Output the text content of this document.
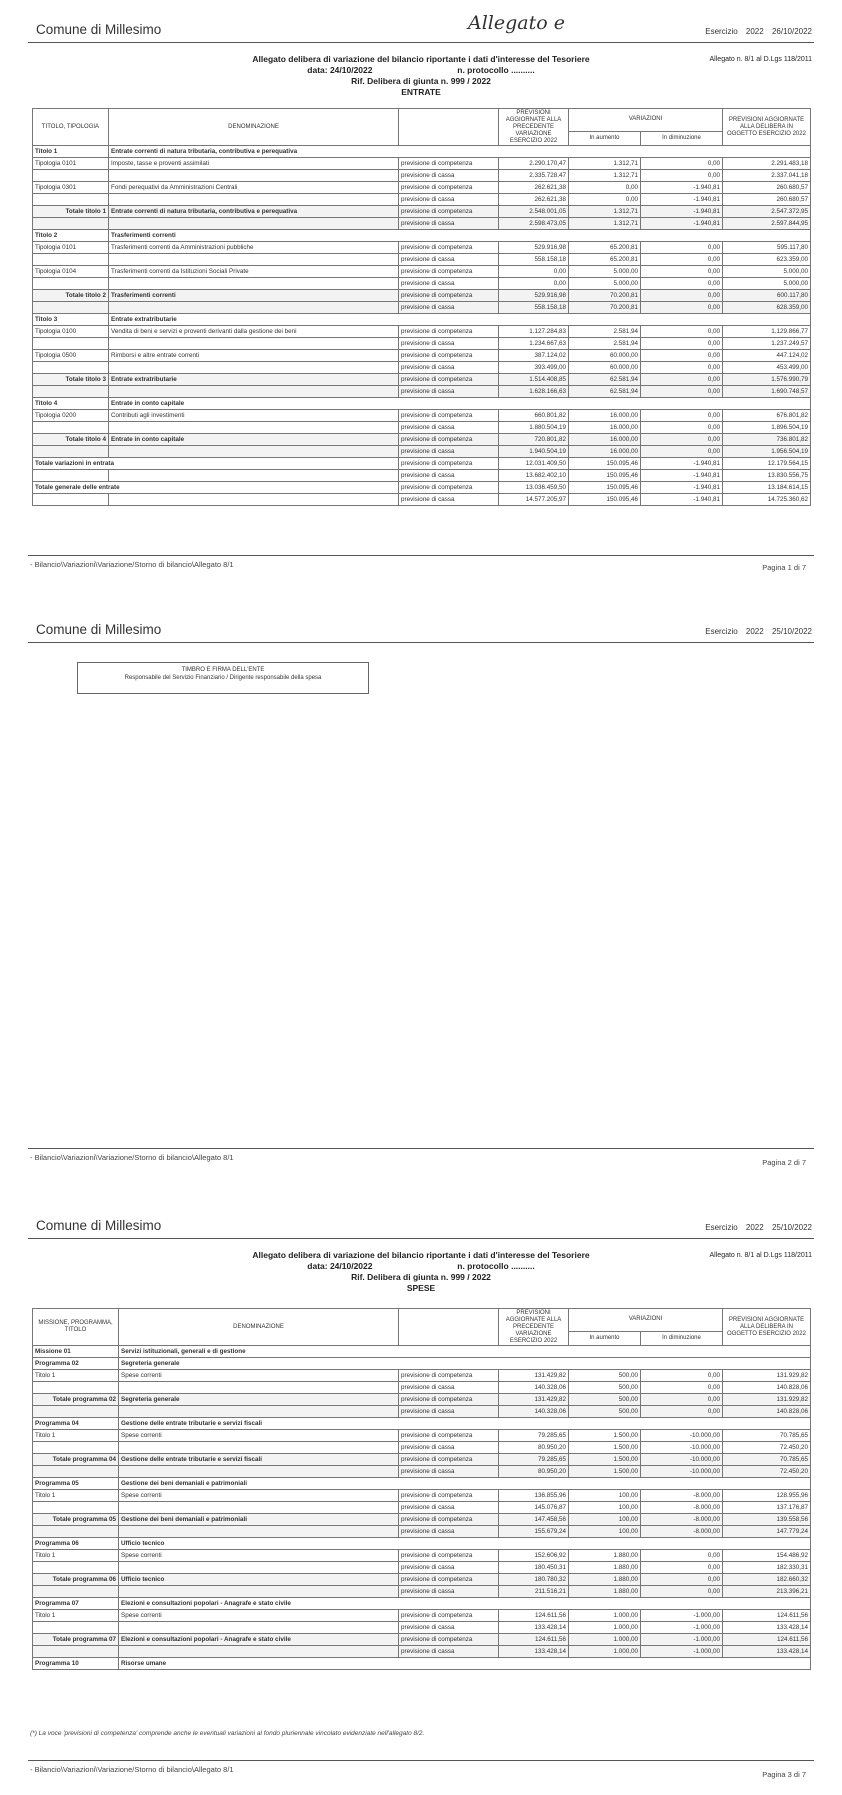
Comune di Millesimo	Allegato e	Esercizio 2022 26/10/2022
Allegato delibera di variazione del bilancio riportante i dati d'interesse del Tesoriere	Allegato n. 8/1 al D.Lgs 118/2011
data: 24/10/2022	n. protocollo ..........
Rif. Delibera di giunta n. 999 / 2022
ENTRATE
TITOLO, TIPOLOGIA	DENOMINAZIONE		PREVISIONI AGGIORNATE ALLA PRECEDENTE VARIAZIONE ESERCIZIO 2022	VARIAZIONI		PREVISIONI AGGIORNATE ALLA DELIBERA IN OGGETTO ESERCIZIO 2022
				In aumento	In diminuzione	
Titolo 1	Entrate correnti di natura tributaria, contributiva e perequativa					
Tipologia 0101	Imposte, tasse e proventi assimilati	previsione di competenza	2.290.170,47	1.312,71	0,00	2.291.483,18
		previsione di cassa	2.335.728,47	1.312,71	0,00	2.337.041,18
Tipologia 0301	Fondi perequativi da Amministrazioni Centrali	previsione di competenza	262.621,38	0,00	-1.940,81	260.680,57
		previsione di cassa	262.621,38	0,00	-1.940,81	260.680,57
Totale titolo 1	Entrate correnti di natura tributaria, contributiva e perequativa	previsione di competenza	2.548.001,05	1.312,71	-1.940,81	2.547.372,95
		previsione di cassa	2.598.473,05	1.312,71	-1.940,81	2.597.844,95
Titolo 2	Trasferimenti correnti					
Tipologia 0101	Trasferimenti correnti da Amministrazioni pubbliche	previsione di competenza	529.916,98	65.200,81	0,00	595.117,80
		previsione di cassa	558.158,18	65.200,81	0,00	623.359,00
Tipologia 0104	Trasferimenti correnti da Istituzioni Sociali Private	previsione di competenza	0,00	5.000,00	0,00	5.000,00
		previsione di cassa	0,00	5.000,00	0,00	5.000,00
Totale titolo 2	Trasferimenti correnti	previsione di competenza	529.916,98	70.200,81	0,00	600.117,80
		previsione di cassa	558.158,18	70.200,81	0,00	628.359,00
Titolo 3	Entrate extratributarie					
Tipologia 0100	Vendita di beni e servizi e proventi derivanti dalla gestione dei beni	previsione di competenza	1.127.284,83	2.581,94	0,00	1.129.866,77
		previsione di cassa	1.234.667,63	2.581,94	0,00	1.237.249,57
Tipologia 0500	Rimborsi e altre entrate correnti	previsione di competenza	387.124,02	60.000,00	0,00	447.124,02
		previsione di cassa	393.499,00	60.000,00	0,00	453.499,00
Totale titolo 3	Entrate extratributarie	previsione di competenza	1.514.408,85	62.581,94	0,00	1.576.990,79
		previsione di cassa	1.628.166,63	62.581,94	0,00	1.690.748,57
Titolo 4	Entrate in conto capitale					
Tipologia 0200	Contributi agli investimenti	previsione di competenza	660.801,82	16.000,00	0,00	676.801,82
		previsione di cassa	1.880.504,19	16.000,00	0,00	1.896.504,19
Totale titolo 4	Entrate in conto capitale	previsione di competenza	720.801,82	16.000,00	0,00	736.801,82
		previsione di cassa	1.940.504,19	16.000,00	0,00	1.956.504,19
Totale variazioni in entrata		previsione di competenza	12.031.409,50	150.095,46	-1.940,81	12.179.564,15
		previsione di cassa	13.682.402,10	150.095,46	-1.940,81	13.830.556,75
Totale generale delle entrate		previsione di competenza	13.036.459,50	150.095,46	-1.940,81	13.184.614,15
		previsione di cassa	14.577.205,97	150.095,46	-1.940,81	14.725.360,62
- Bilancio\Variazioni\Variazione/Storno di bilancio\Allegato 8/1	Pagina 1 di 7
Comune di Millesimo	Esercizio 2022 25/10/2022
TIMBRO E FIRMA DELL'ENTE
Responsabile del Servizio Finanziario / Dirigente responsabile della spesa
- Bilancio\Variazioni\Variazione/Storno di bilancio\Allegato 8/1
Pagina 2 di 7
Comune di Millesimo	Esercizio 2022 25/10/2022
Allegato delibera di variazione del bilancio riportante i dati d'interesse del Tesoriere	Allegato n. 8/1 al D.Lgs 118/2011
data: 24/10/2022	n. protocollo ..........
Rif. Delibera di giunta n. 999 / 2022
SPESE
MISSIONE, PROGRAMMA, TITOLO	DENOMINAZIONE		PREVISIONI AGGIORNATE ALLA PRECEDENTE VARIAZIONE ESERCIZIO 2022	VARIAZIONI		PREVISIONI AGGIORNATE ALLA DELIBERA IN OGGETTO ESERCIZIO 2022
				In aumento	In diminuzione	
Missione 01	Servizi istituzionali, generali e di gestione					
Programma 02	Segreteria generale					
Titolo 1	Spese correnti	previsione di competenza	131.429,82	500,00	0,00	131.929,82
		previsione di cassa	140.328,06	500,00	0,00	140.828,06
Totale programma 02	Segreteria generale	previsione di competenza	131.429,82	500,00	0,00	131.929,82
		previsione di cassa	140.328,06	500,00	0,00	140.828,06
Programma 04	Gestione delle entrate tributarie e servizi fiscali					
Titolo 1	Spese correnti	previsione di competenza	79.285,65	1.500,00	-10.000,00	70.785,65
		previsione di cassa	80.950,20	1.500,00	-10.000,00	72.450,20
Totale programma 04	Gestione delle entrate tributarie e servizi fiscali	previsione di competenza	79.285,65	1.500,00	-10.000,00	70.785,65
		previsione di cassa	80.950,20	1.500,00	-10.000,00	72.450,20
Programma 05	Gestione dei beni demaniali e patrimoniali					
Titolo 1	Spese correnti	previsione di competenza	136.855,96	100,00	-8.000,00	128.955,96
		previsione di cassa	145.076,87	100,00	-8.000,00	137.176,87
Totale programma 05	Gestione dei beni demaniali e patrimoniali	previsione di competenza	147.458,56	100,00	-8.000,00	139.558,56
		previsione di cassa	155.679,24	100,00	-8.000,00	147.779,24
Programma 06	Ufficio tecnico					
Titolo 1	Spese correnti	previsione di competenza	152.606,92	1.880,00	0,00	154.486,92
		previsione di cassa	180.450,31	1.880,00	0,00	182.330,31
Totale programma 06	Ufficio tecnico	previsione di competenza	180.780,32	1.880,00	0,00	182.660,32
		previsione di cassa	211.516,21	1.880,00	0,00	213.396,21
Programma 07	Elezioni e consultazioni popolari - Anagrafe e stato civile					
Titolo 1	Spese correnti	previsione di competenza	124.611,56	1.000,00	-1.000,00	124.611,56
		previsione di cassa	133.428,14	1.000,00	-1.000,00	133.428,14
Totale programma 07	Elezioni e consultazioni popolari - Anagrafe e stato civile	previsione di competenza	124.611,56	1.000,00	-1.000,00	124.611,56
		previsione di cassa	133.428,14	1.000,00	-1.000,00	133.428,14
Programma 10	Risorse umane					
(*) La voce 'previsioni di competenza' comprende anche le eventuali variazioni al fondo pluriennale vincolato evidenziate nell'allegato 8/2.
- Bilancio\Variazioni\Variazione/Storno di bilancio\Allegato 8/1
Pagina 3 di 7
